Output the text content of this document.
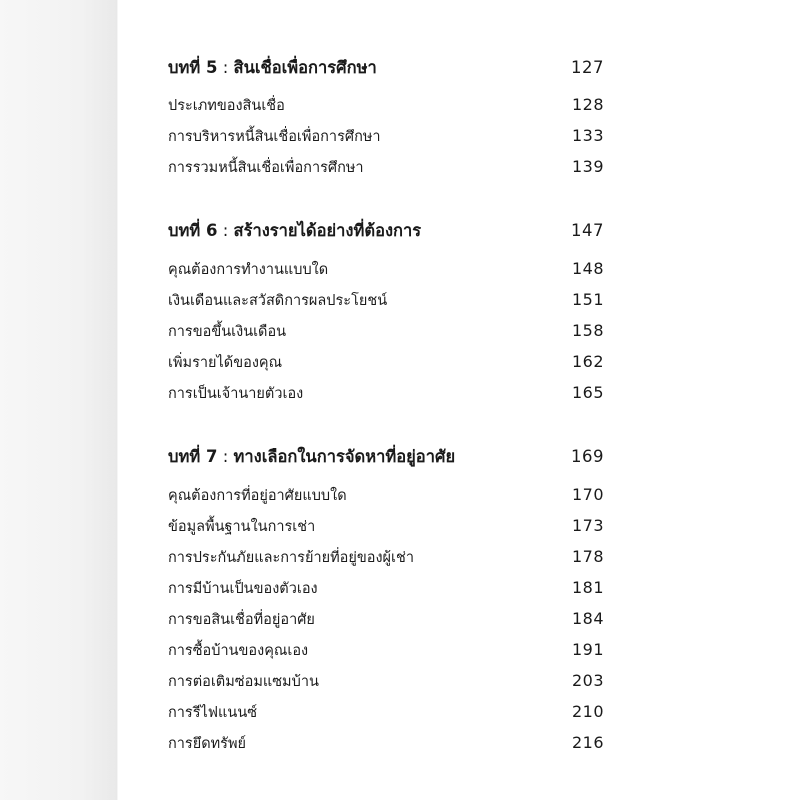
บทที่ 5 : สินเชื่อเพื่อการศึกษา	127
ประเภทของสินเชื่อ	128
การบริหารหนี้สินเชื่อเพื่อการศึกษา	133
การรวมหนี้สินเชื่อเพื่อการศึกษา	139
บทที่ 6 : สร้างรายได้อย่างที่ต้องการ	147
คุณต้องการทำงานแบบใด	148
เงินเดือนและสวัสดิการผลประโยชน์	151
การขอขึ้นเงินเดือน	158
เพิ่มรายได้ของคุณ	162
การเป็นเจ้านายตัวเอง	165
บทที่ 7 : ทางเลือกในการจัดหาที่อยู่อาศัย	169
คุณต้องการที่อยู่อาศัยแบบใด	170
ข้อมูลพื้นฐานในการเช่า	173
การประกันภัยและการย้ายที่อยู่ของผู้เช่า	178
การมีบ้านเป็นของตัวเอง	181
การขอสินเชื่อที่อยู่อาศัย	184
การซื้อบ้านของคุณเอง	191
การต่อเติมซ่อมแซมบ้าน	203
การรีไฟแนนซ์	210
การยึดทรัพย์	216
